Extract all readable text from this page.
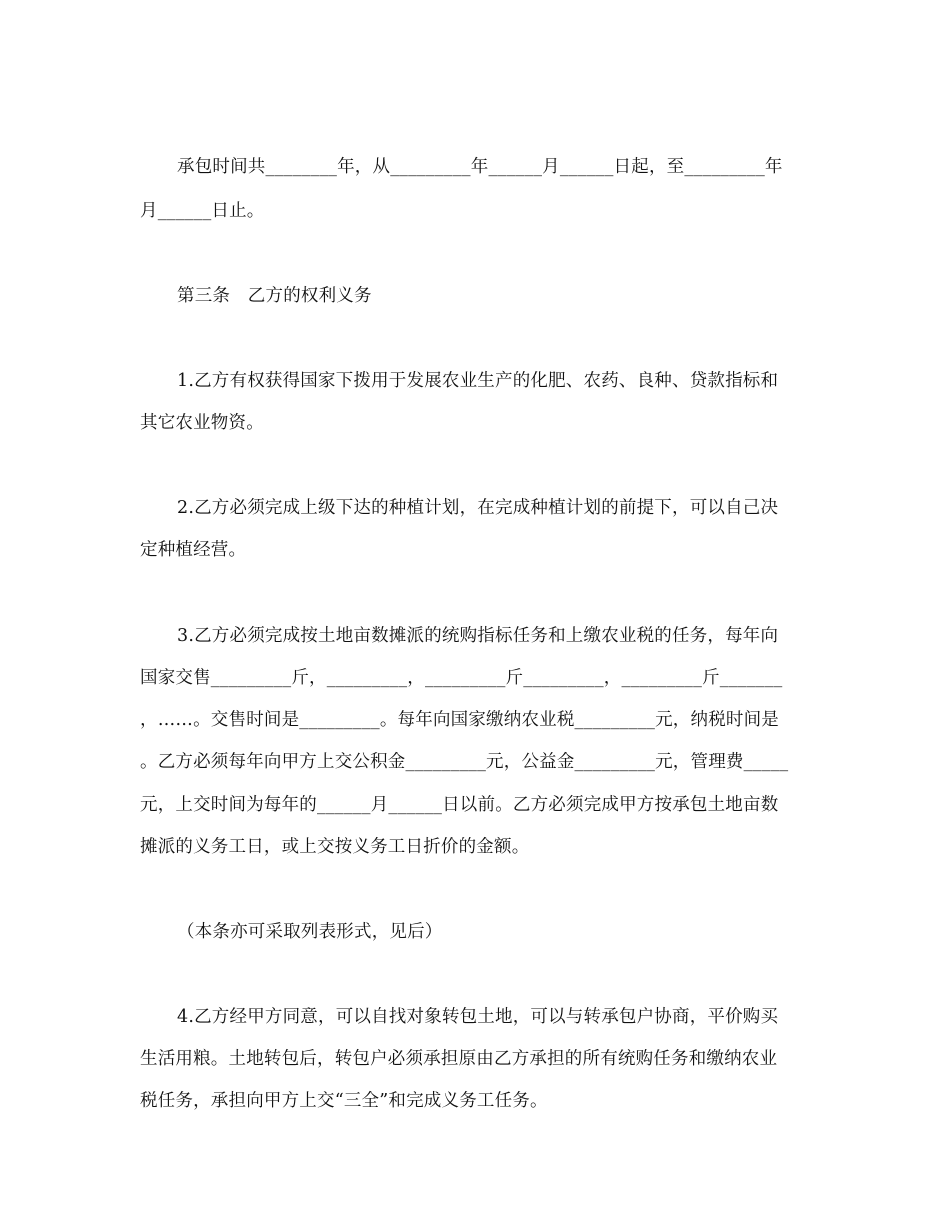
承包时间共________年，从_________年______月______日起，至_________年
月______日止。
第三条　乙方的权利义务
1.乙方有权获得国家下拨用于发展农业生产的化肥、农药、良种、贷款指标和
其它农业物资。
2.乙方必须完成上级下达的种植计划，在完成种植计划的前提下，可以自己决
定种植经营。
3.乙方必须完成按土地亩数摊派的统购指标任务和上缴农业税的任务，每年向
国家交售_________斤，_________，_________斤_________，_________斤_______
，……。交售时间是_________。每年向国家缴纳农业税_________元，纳税时间是
。乙方必须每年向甲方上交公积金_________元，公益金_________元，管理费_____
元，上交时间为每年的______月______日以前。乙方必须完成甲方按承包土地亩数
摊派的义务工日，或上交按义务工日折价的金额。
（本条亦可采取列表形式，见后）
4.乙方经甲方同意，可以自找对象转包土地，可以与转承包户协商，平价购买
生活用粮。土地转包后，转包户必须承担原由乙方承担的所有统购任务和缴纳农业
税任务，承担向甲方上交“三全”和完成义务工任务。
